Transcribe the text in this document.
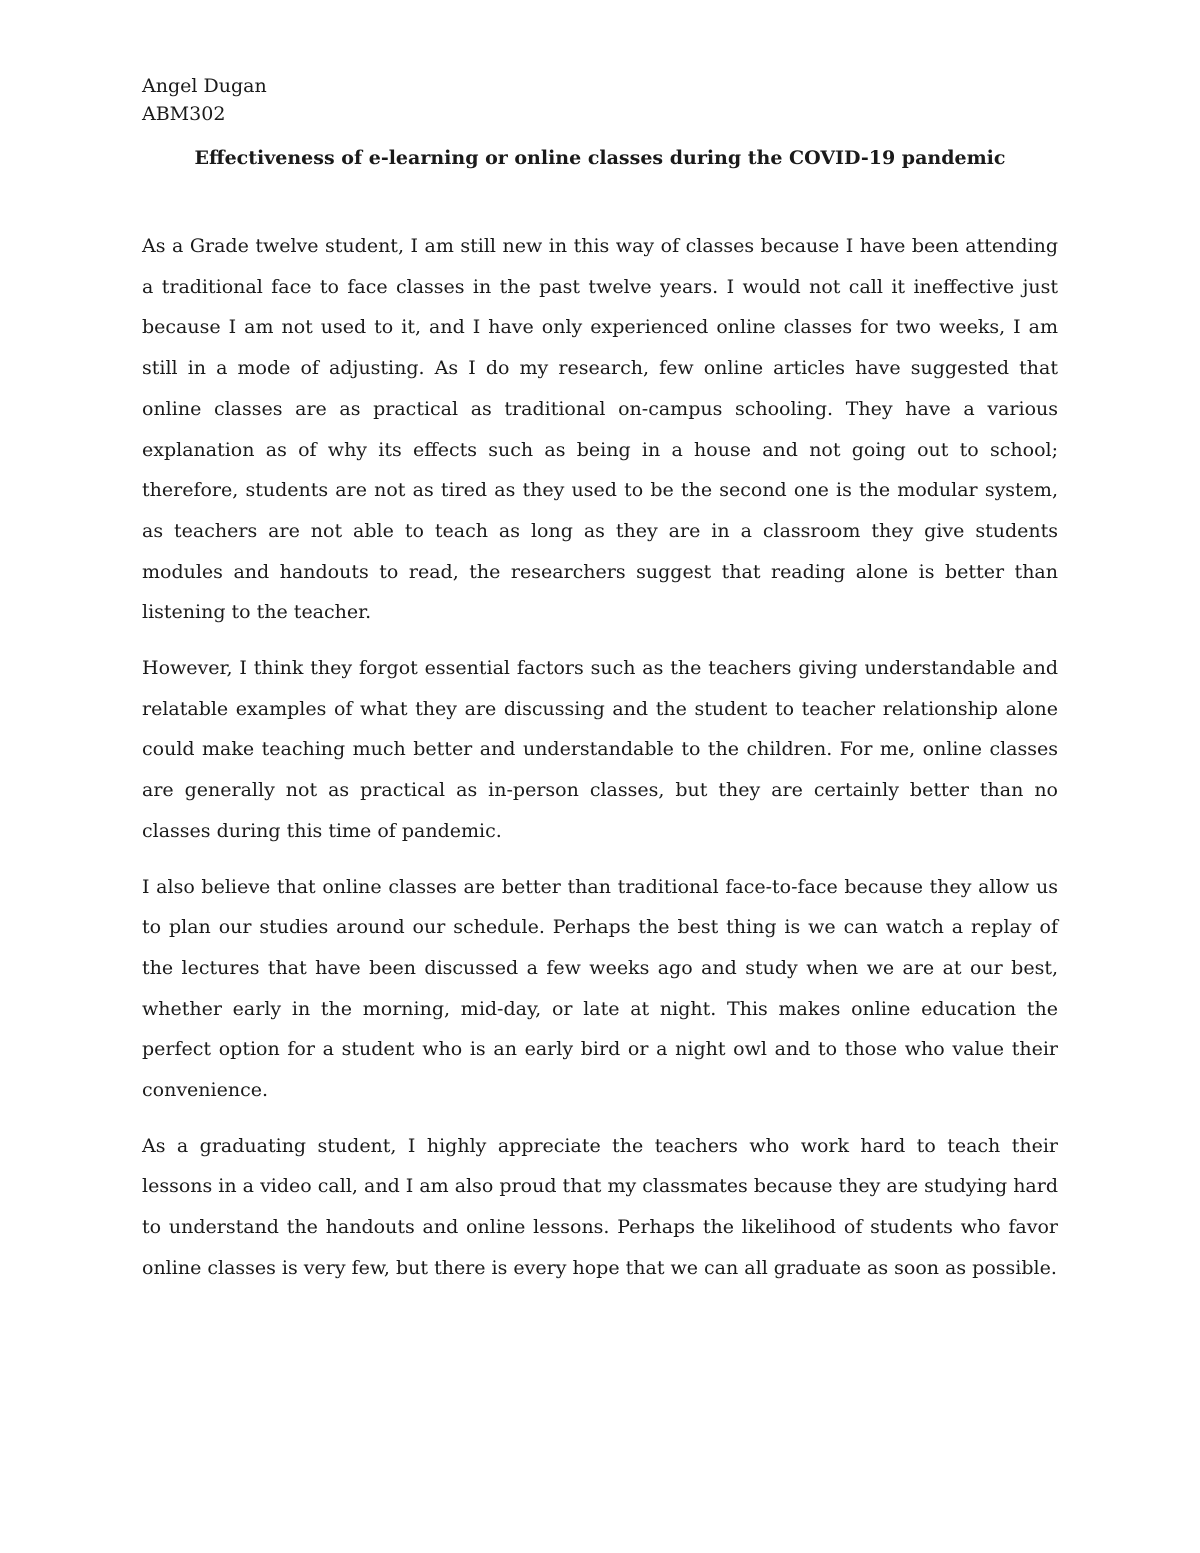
Angel Dugan
ABM302
Effectiveness of e-learning or online classes during the COVID-19 pandemic

As a Grade twelve student, I am still new in this way of classes because I have been attending a traditional face to face classes in the past twelve years. I would not call it ineffective just because I am not used to it, and I have only experienced online classes for two weeks, I am still in a mode of adjusting. As I do my research, few online articles have suggested that online classes are as practical as traditional on-campus schooling. They have a various explanation as of why its effects such as being in a house and not going out to school; therefore, students are not as tired as they used to be the second one is the modular system, as teachers are not able to teach as long as they are in a classroom they give students modules and handouts to read, the researchers suggest that reading alone is better than listening to the teacher.

However, I think they forgot essential factors such as the teachers giving understandable and relatable examples of what they are discussing and the student to teacher relationship alone could make teaching much better and understandable to the children. For me, online classes are generally not as practical as in-person classes, but they are certainly better than no classes during this time of pandemic.

I also believe that online classes are better than traditional face-to-face because they allow us to plan our studies around our schedule. Perhaps the best thing is we can watch a replay of the lectures that have been discussed a few weeks ago and study when we are at our best, whether early in the morning, mid-day, or late at night. This makes online education the perfect option for a student who is an early bird or a night owl and to those who value their convenience.

As a graduating student, I highly appreciate the teachers who work hard to teach their lessons in a video call, and I am also proud that my classmates because they are studying hard to understand the handouts and online lessons. Perhaps the likelihood of students who favor online classes is very few, but there is every hope that we can all graduate as soon as possible.
